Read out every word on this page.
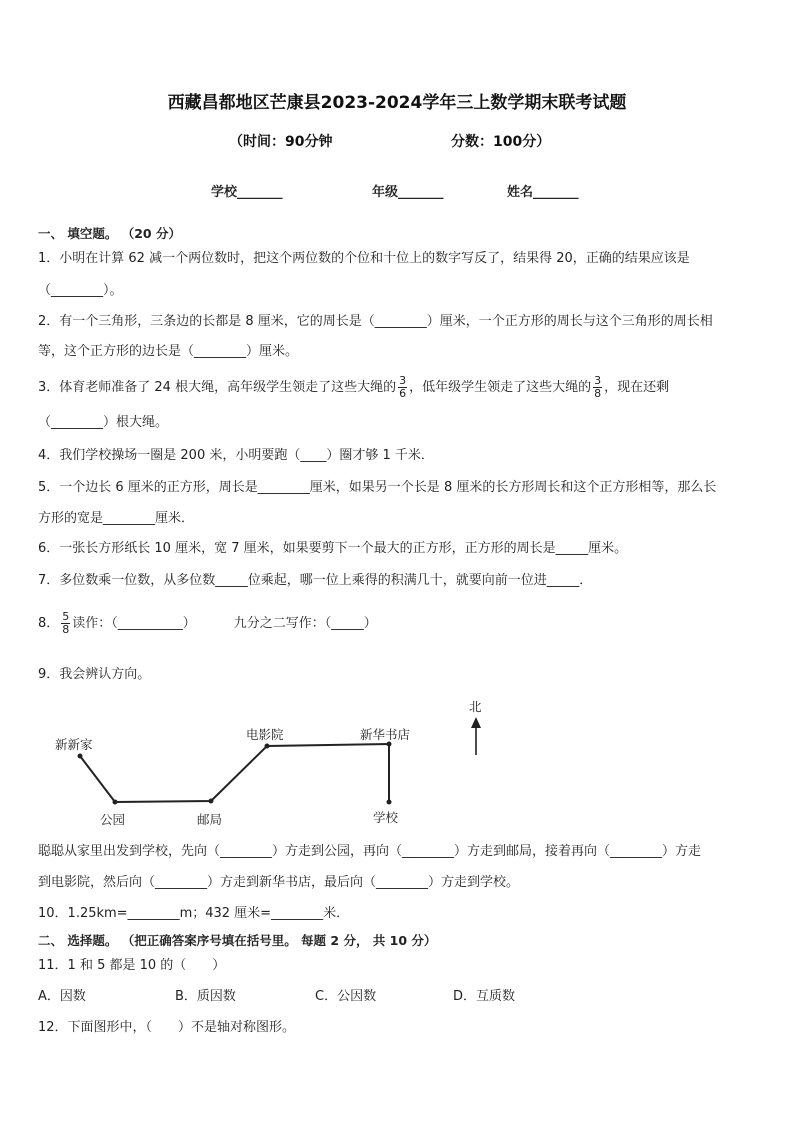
西藏昌都地区芒康县2023-2024学年三上数学期末联考试题
（时间：90分钟	分数：100分）
学校_______	年级_______	姓名_______
一、 填空题。 （20 分）
1．小明在计算 62 减一个两位数时，把这个两位数的个位和十位上的数字写反了，结果得 20，正确的结果应该是
（________）。
2．有一个三角形，三条边的长都是 8 厘米，它的周长是（________）厘米，一个正方形的周长与这个三角形的周长相
等，这个正方形的边长是（________）厘米。
3．体育老师准备了 24 根大绳，高年级学生领走了这些大绳的 $\frac{3}{6}$ ，低年级学生领走了这些大绳的 $\frac{3}{8}$ ，现在还剩
（________）根大绳。
4．我们学校操场一圈是 200 米，小明要跑（____）圈才够 1 千米．
5．一个边长 6 厘米的正方形，周长是________厘米，如果另一个长是 8 厘米的长方形周长和这个正方形相等，那么长
方形的宽是________厘米．
6．一张长方形纸长 10 厘米，宽 7 厘米，如果要剪下一个最大的正方形，正方形的周长是_____厘米。
7．多位数乘一位数，从多位数_____位乘起，哪一位上乘得的积满几十，就要向前一位进_____．
8． $\frac{5}{8}$ 读作：（__________）	九分之二写作：（_____）
9．我会辨认方向。
北
新新家
公园	邮局
电影院	新华书店
学校
聪聪从家里出发到学校，先向（________）方走到公园，再向（________）方走到邮局，接着再向（________）方走
到电影院，然后向（________）方走到新华书店，最后向（________）方走到学校。
10．1.25km=________m；432 厘米=________米．
二、 选择题。 （把正确答案序号填在括号里。 每题 2 分， 共 10 分）
11．1 和 5 都是 10 的（　　）
A．因数	B．质因数	C．公因数	D．互质数
12．下面图形中，（　　）不是轴对称图形。
